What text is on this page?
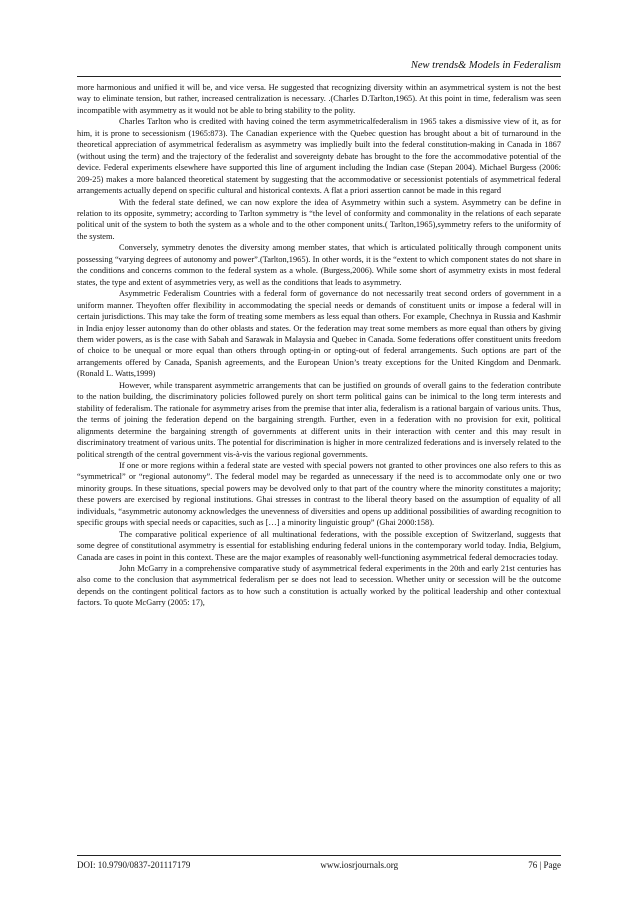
New trends& Models in Federalism

more harmonious and unified it will be, and vice versa. He suggested that recognizing diversity within an asymmetrical system is not the best way to eliminate tension, but rather, increased centralization is necessary. .(Charles D.Tarlton,1965). At this point in time, federalism was seen incompatible with asymmetry as it would not be able to bring stability to the polity.

Charles Tarlton who is credited with having coined the term asymmetricalfederalism in 1965 takes a dismissive view of it, as for him, it is prone to secessionism (1965:873). The Canadian experience with the Quebec question has brought about a bit of turnaround in the theoretical appreciation of asymmetrical federalism as asymmetry was impliedly built into the federal constitution-making in Canada in 1867 (without using the term) and the trajectory of the federalist and sovereignty debate has brought to the fore the accommodative potential of the device. Federal experiments elsewhere have supported this line of argument including the Indian case (Stepan 2004). Michael Burgess (2006: 209-25) makes a more balanced theoretical statement by suggesting that the accommodative or secessionist potentials of asymmetrical federal arrangements actually depend on specific cultural and historical contexts. A flat a priori assertion cannot be made in this regard

With the federal state defined, we can now explore the idea of Asymmetry within such a system. Asymmetry can be define in relation to its opposite, symmetry; according to Tarlton symmetry is “the level of conformity and commonality in the relations of each separate political unit of the system to both the system as a whole and to the other component units.( Tarlton,1965),symmetry refers to the uniformity of the system.

Conversely, symmetry denotes the diversity among member states, that which is articulated politically through component units possessing “varying degrees of autonomy and power”.(Tarlton,1965). In other words, it is the “extent to which component states do not share in the conditions and concerns common to the federal system as a whole. (Burgess,2006). While some short of asymmetry exists in most federal states, the type and extent of asymmetries very, as well as the conditions that leads to asymmetry.

Asymmetric Federalism Countries with a federal form of governance do not necessarily treat second orders of government in a uniform manner. Theyoften offer flexibility in accommodating the special needs or demands of constituent units or impose a federal will in certain jurisdictions. This may take the form of treating some members as less equal than others. For example, Chechnya in Russia and Kashmir in India enjoy lesser autonomy than do other oblasts and states. Or the federation may treat some members as more equal than others by giving them wider powers, as is the case with Sabah and Sarawak in Malaysia and Quebec in Canada. Some federations offer constituent units freedom of choice to be unequal or more equal than others through opting-in or opting-out of federal arrangements. Such options are part of the arrangements offered by Canada, Spanish agreements, and the European Union’s treaty exceptions for the United Kingdom and Denmark.(Ronald L. Watts,1999)

However, while transparent asymmetric arrangements that can be justified on grounds of overall gains to the federation contribute to the nation building, the discriminatory policies followed purely on short term political gains can be inimical to the long term interests and stability of federalism. The rationale for asymmetry arises from the premise that inter alia, federalism is a rational bargain of various units. Thus, the terms of joining the federation depend on the bargaining strength. Further, even in a federation with no provision for exit, political alignments determine the bargaining strength of governments at different units in their interaction with center and this may result in discriminatory treatment of various units. The potential for discrimination is higher in more centralized federations and is inversely related to the political strength of the central government vis-à-vis the various regional governments.

If one or more regions within a federal state are vested with special powers not granted to other provinces one also refers to this as “symmetrical” or “regional autonomy”. The federal model may be regarded as unnecessary if the need is to accommodate only one or two minority groups. In these situations, special powers may be devolved only to that part of the country where the minority constitutes a majority; these powers are exercised by regional institutions. Ghai stresses in contrast to the liberal theory based on the assumption of equality of all individuals, “asymmetric autonomy acknowledges the unevenness of diversities and opens up additional possibilities of awarding recognition to specific groups with special needs or capacities, such as […] a minority linguistic group” (Ghai 2000:158).

The comparative political experience of all multinational federations, with the possible exception of Switzerland, suggests that some degree of constitutional asymmetry is essential for establishing enduring federal unions in the contemporary world today. India, Belgium, Canada are cases in point in this context. These are the major examples of reasonably well-functioning asymmetrical federal democracies today.

John McGarry in a comprehensive comparative study of asymmetrical federal experiments in the 20th and early 21st centuries has also come to the conclusion that asymmetrical federalism per se does not lead to secession. Whether unity or secession will be the outcome depends on the contingent political factors as to how such a constitution is actually worked by the political leadership and other contextual factors. To quote McGarry (2005: 17),

DOI: 10.9790/0837-201117179	www.iosrjournals.org	76 | Page
